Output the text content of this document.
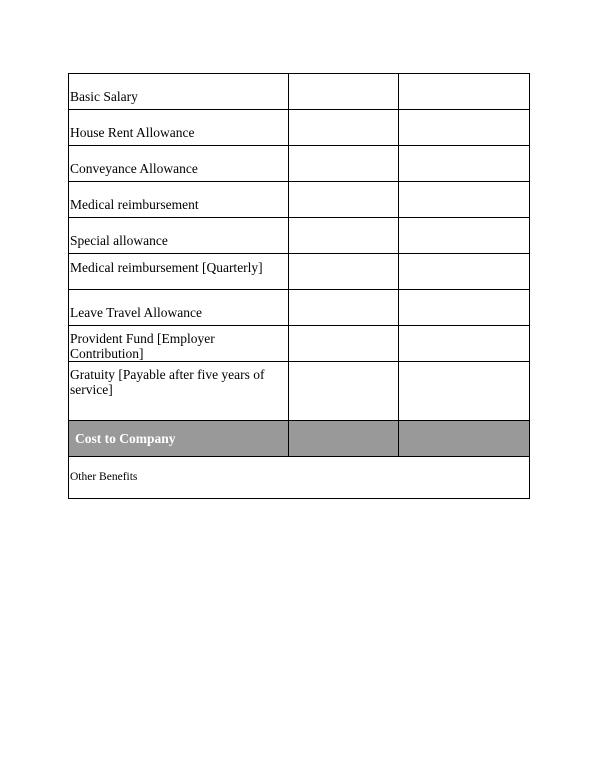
Basic Salary		
House Rent Allowance		
Conveyance Allowance		
Medical reimbursement		
Special allowance		
Medical reimbursement [Quarterly]		
Leave Travel Allowance		
Provident Fund [Employer Contribution]		
Gratuity [Payable after five years of service]		
Cost to Company		
Other Benefits		
